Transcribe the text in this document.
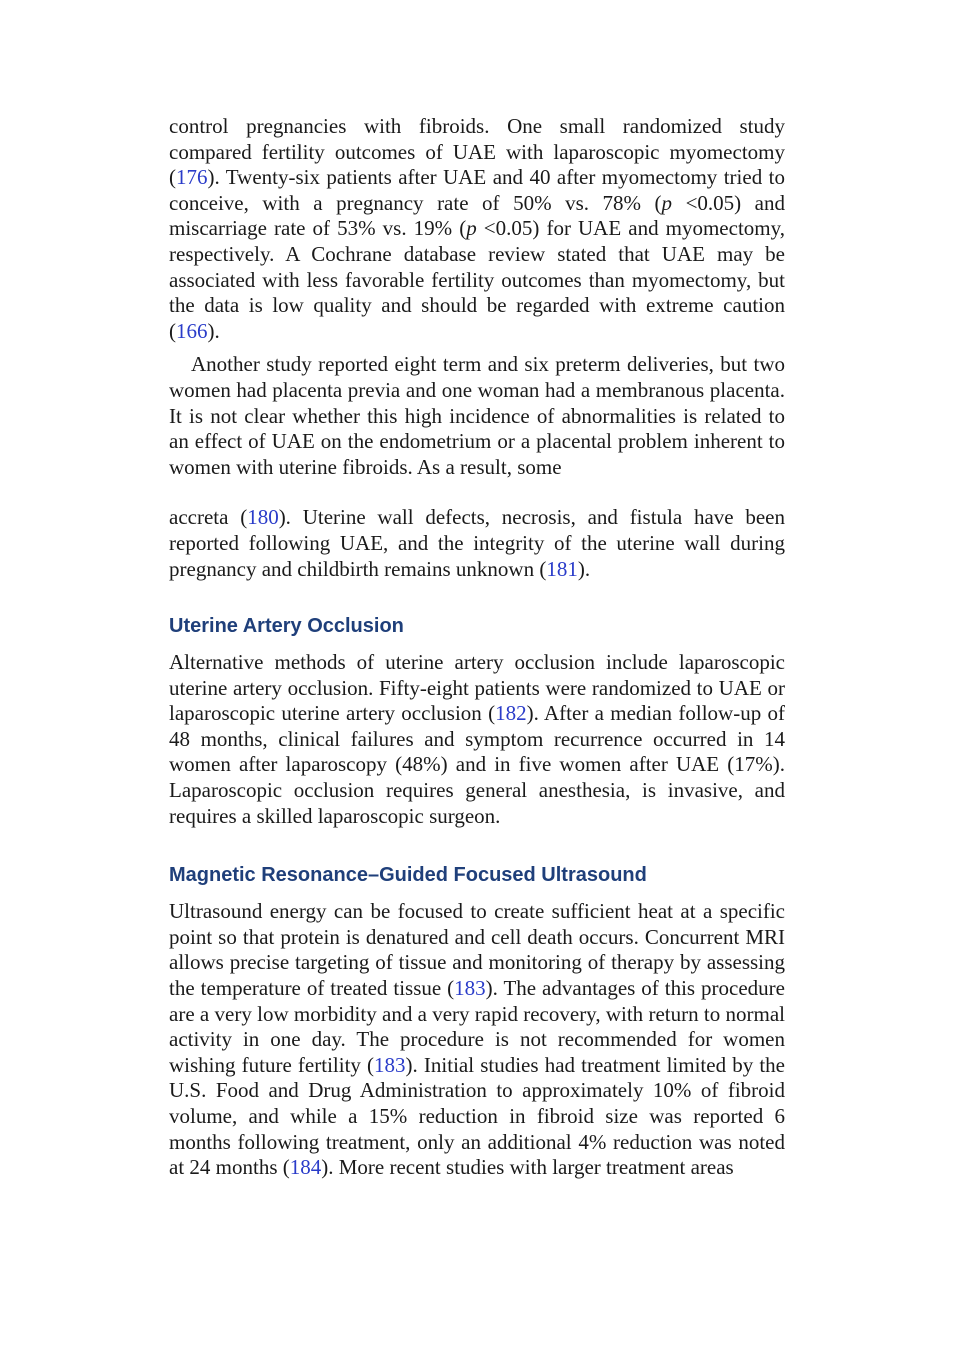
control pregnancies with fibroids. One small randomized study compared fertility outcomes of UAE with laparoscopic myomectomy (176). Twenty-six patients after UAE and 40 after myomectomy tried to conceive, with a pregnancy rate of 50% vs. 78% (p <0.05) and miscarriage rate of 53% vs. 19% (p <0.05) for UAE and myomectomy, respectively. A Cochrane database review stated that UAE may be associated with less favorable fertility outcomes than myomectomy, but the data is low quality and should be regarded with extreme caution (166).

Another study reported eight term and six preterm deliveries, but two women had placenta previa and one woman had a membranous placenta. It is not clear whether this high incidence of abnormalities is related to an effect of UAE on the endometrium or a placental problem inherent to women with uterine fibroids. As a result, some

accreta (180). Uterine wall defects, necrosis, and fistula have been reported following UAE, and the integrity of the uterine wall during pregnancy and childbirth remains unknown (181).

Uterine Artery Occlusion

Alternative methods of uterine artery occlusion include laparoscopic uterine artery occlusion. Fifty-eight patients were randomized to UAE or laparoscopic uterine artery occlusion (182). After a median follow-up of 48 months, clinical failures and symptom recurrence occurred in 14 women after laparoscopy (48%) and in five women after UAE (17%). Laparoscopic occlusion requires general anesthesia, is invasive, and requires a skilled laparoscopic surgeon.

Magnetic Resonance–Guided Focused Ultrasound

Ultrasound energy can be focused to create sufficient heat at a specific point so that protein is denatured and cell death occurs. Concurrent MRI allows precise targeting of tissue and monitoring of therapy by assessing the temperature of treated tissue (183). The advantages of this procedure are a very low morbidity and a very rapid recovery, with return to normal activity in one day. The procedure is not recommended for women wishing future fertility (183). Initial studies had treatment limited by the U.S. Food and Drug Administration to approximately 10% of fibroid volume, and while a 15% reduction in fibroid size was reported 6 months following treatment, only an additional 4% reduction was noted at 24 months (184). More recent studies with larger treatment areas
